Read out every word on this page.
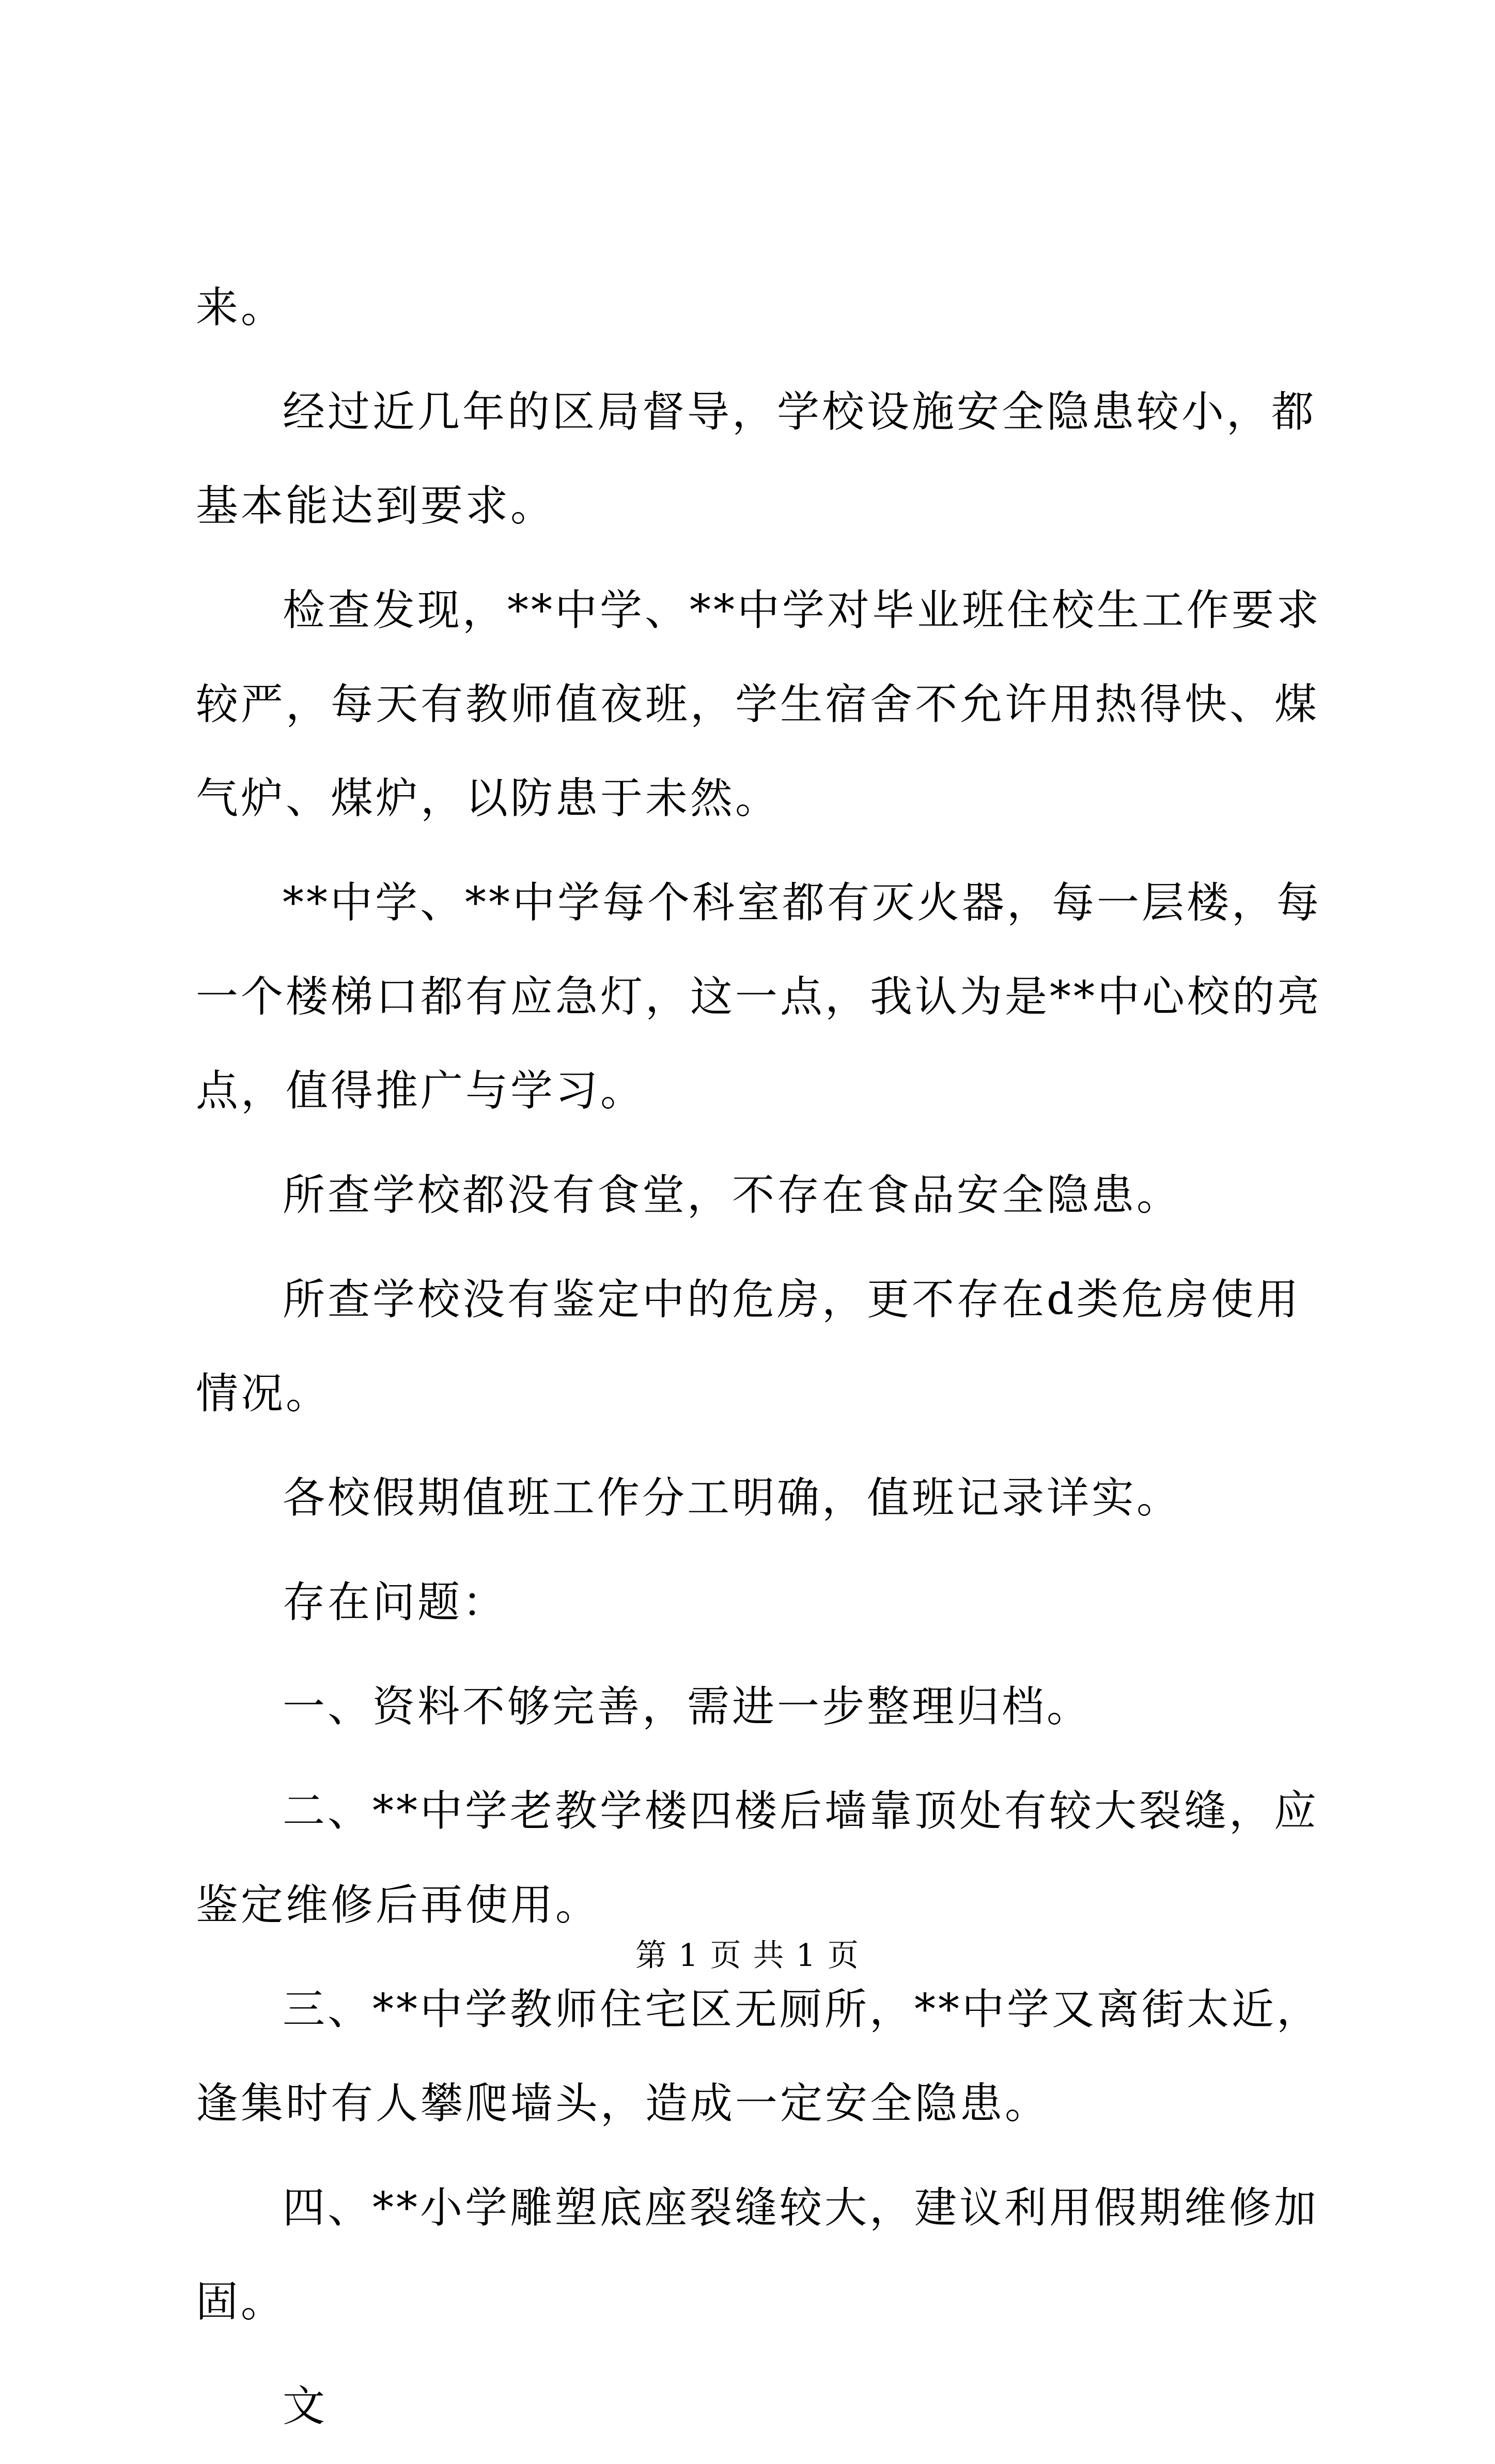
来。

经过近几年的区局督导，学校设施安全隐患较小，都基本能达到要求。

检查发现，**中学、**中学对毕业班住校生工作要求较严，每天有教师值夜班，学生宿舍不允许用热得快、煤气炉、煤炉，以防患于未然。

**中学、**中学每个科室都有灭火器，每一层楼，每一个楼梯口都有应急灯，这一点，我认为是**中心校的亮点，值得推广与学习。

所查学校都没有食堂，不存在食品安全隐患。

所查学校没有鉴定中的危房，更不存在d类危房使用情况。

各校假期值班工作分工明确，值班记录详实。

存在问题：

一、资料不够完善，需进一步整理归档。

二、**中学老教学楼四楼后墙靠顶处有较大裂缝，应鉴定维修后再使用。

三、**中学教师住宅区无厕所，**中学又离街太近，逢集时有人攀爬墙头，造成一定安全隐患。

四、**小学雕塑底座裂缝较大，建议利用假期维修加固。

文

第 1 页 共 1 页
